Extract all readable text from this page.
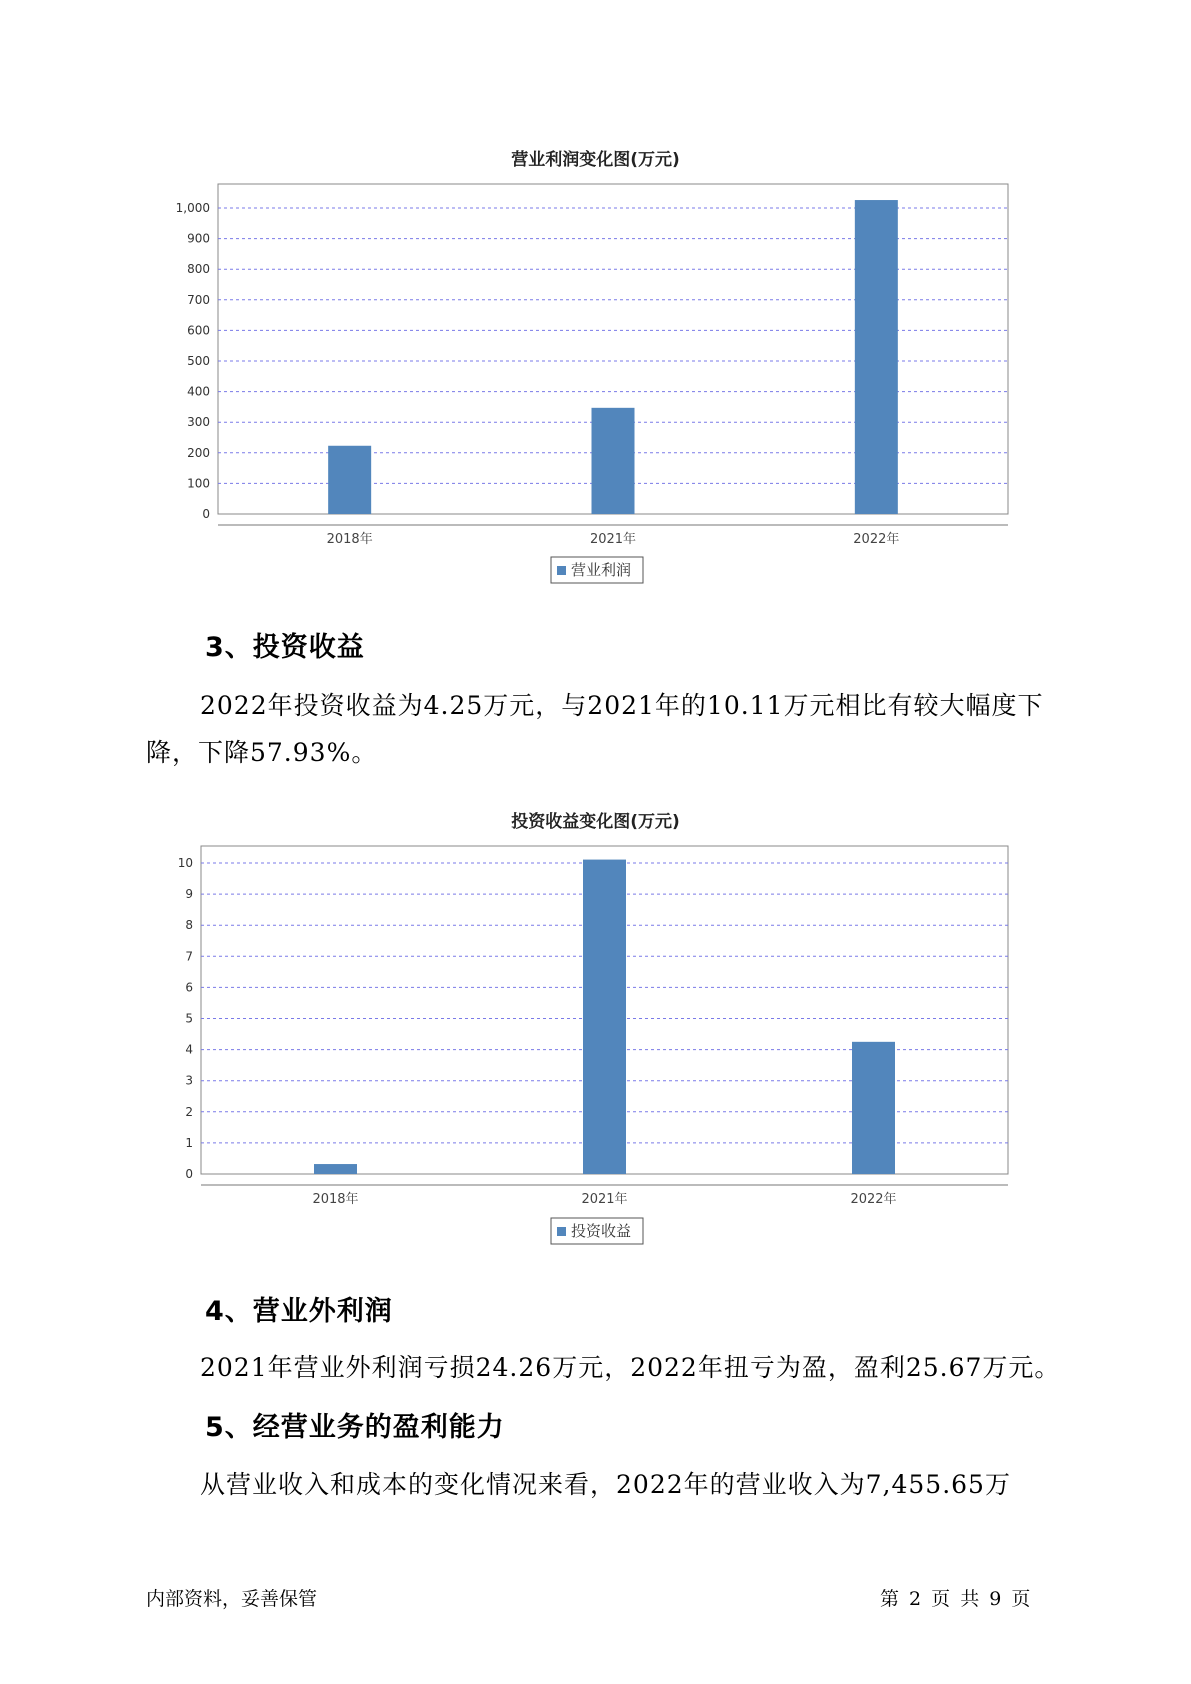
营业利润变化图(万元)
0
100
200
300
400
500
600
700
800
900
1,000
2018年	2021年	2022年
营业利润
3、投资收益
2022年投资收益为4.25万元，与2021年的10.11万元相比有较大幅度下
降，下降57.93%。
投资收益变化图(万元)
0
1
2
3
4
5
6
7
8
9
10
2018年	2021年	2022年
投资收益
4、营业外利润
2021年营业外利润亏损24.26万元，2022年扭亏为盈，盈利25.67万元。
5、经营业务的盈利能力
从营业收入和成本的变化情况来看，2022年的营业收入为7,455.65万
内部资料，妥善保管	第 2 页 共 9 页
